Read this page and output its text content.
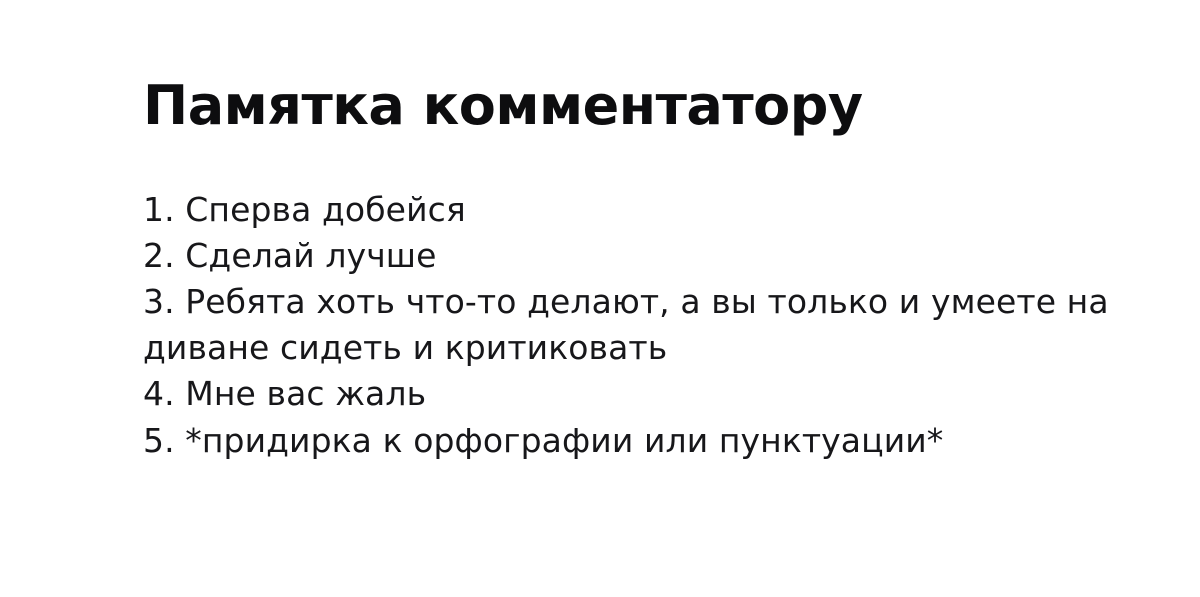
Памятка комментатору
1. Сперва добейся
2. Сделай лучше
3. Ребята хоть что-то делают, а вы только и умеете на диване сидеть и критиковать
4. Мне вас жаль
5. *придирка к орфографии или пунктуации*
